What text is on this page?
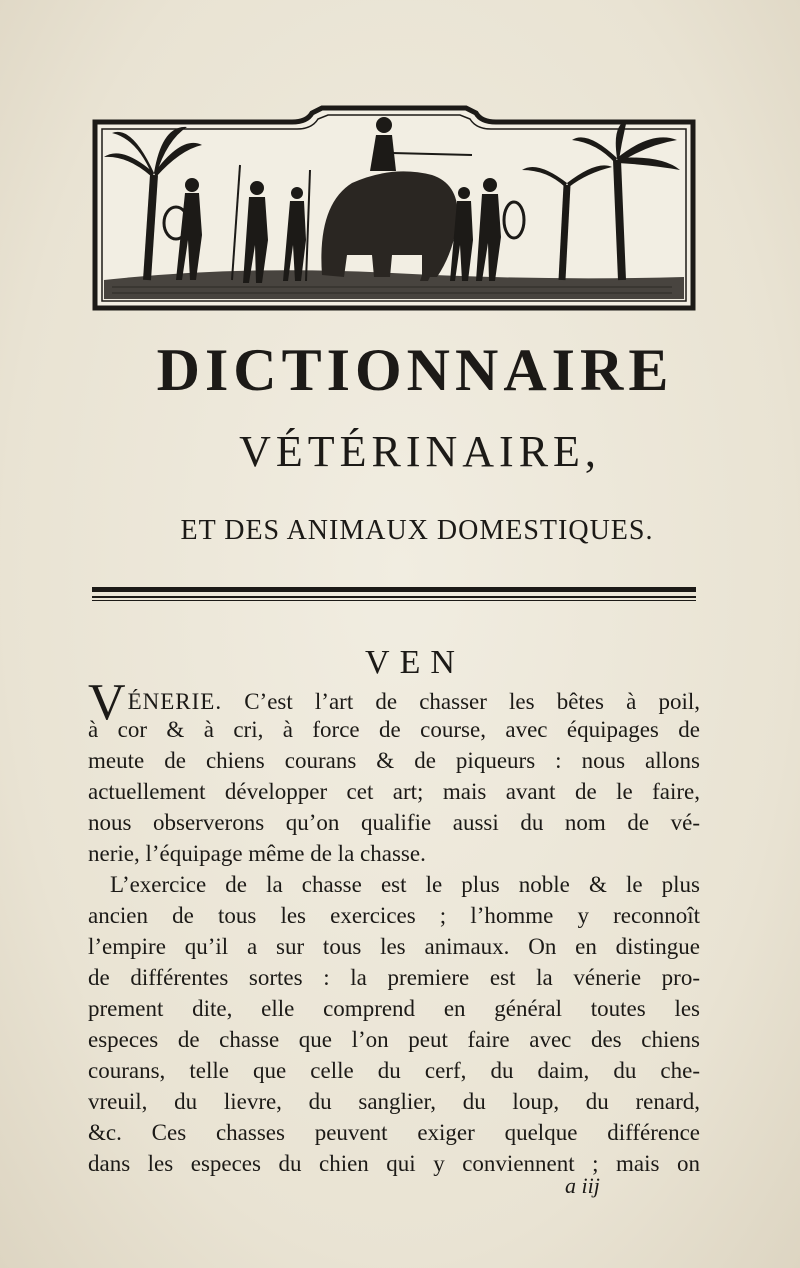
DICTIONNAIRE
VÉTÉRINAIRE,
ET DES ANIMAUX DOMESTIQUES.
VEN
VÉNERIE. C’est l’art de chasser les bêtes à poil,
à cor & à cri, à force de course, avec équipages de
meute de chiens courans & de piqueurs : nous allons
actuellement développer cet art; mais avant de le faire,
nous observerons qu’on qualifie aussi du nom de vé-
nerie, l’équipage même de la chasse.
L’exercice de la chasse est le plus noble & le plus
ancien de tous les exercices ; l’homme y reconnoît
l’empire qu’il a sur tous les animaux. On en distingue
de différentes sortes : la premiere est la vénerie pro-
prement dite, elle comprend en général toutes les
especes de chasse que l’on peut faire avec des chiens
courans, telle que celle du cerf, du daim, du che-
vreuil, du lievre, du sanglier, du loup, du renard,
&c. Ces chasses peuvent exiger quelque différence
dans les especes du chien qui y conviennent ; mais on
a iij
